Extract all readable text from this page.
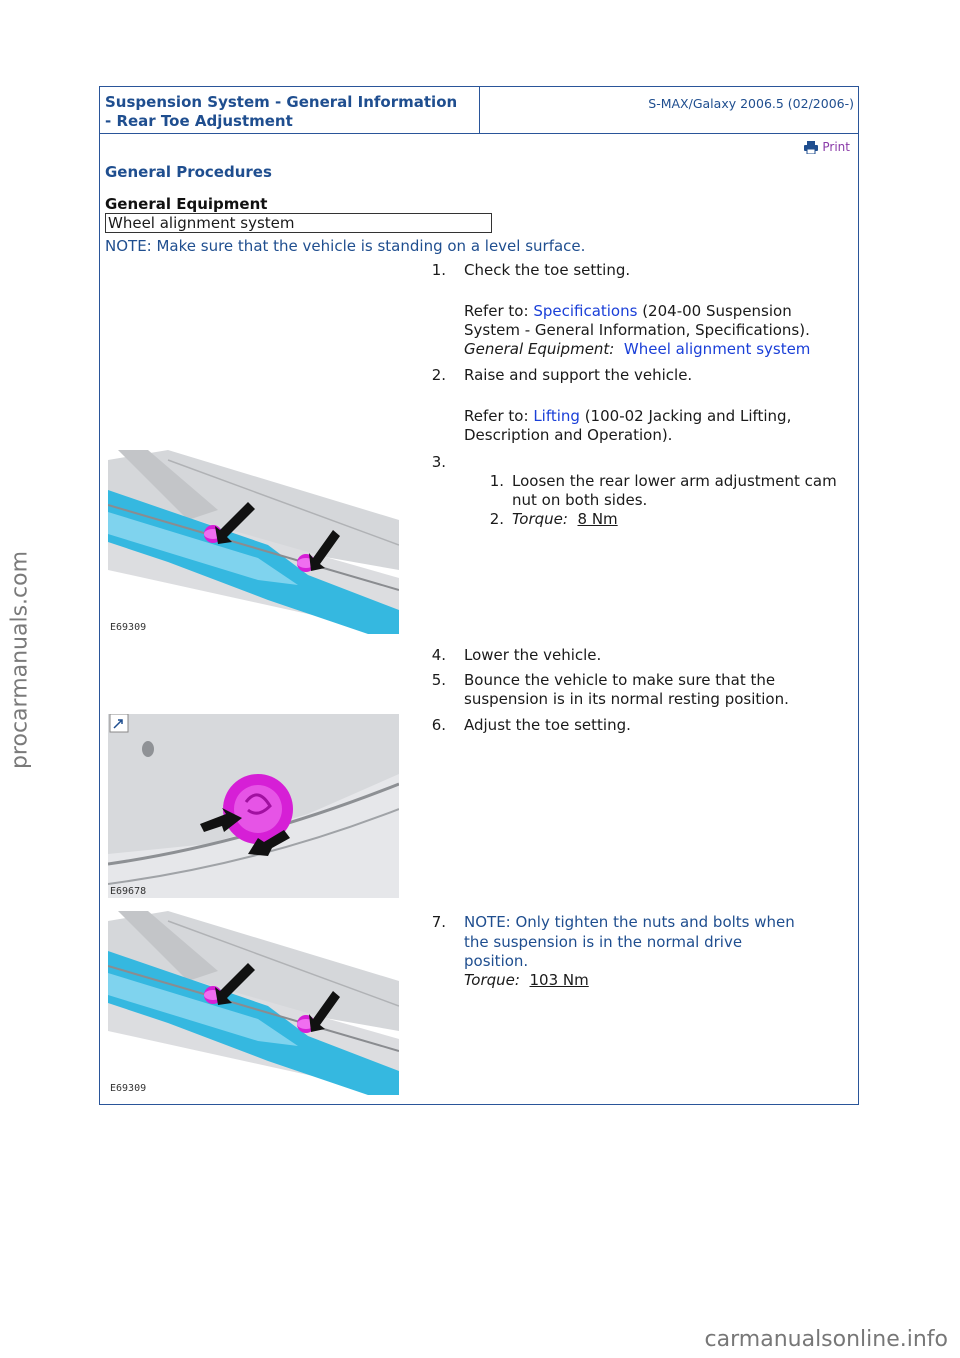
Suspension System - General Information
- Rear Toe Adjustment
S-MAX/Galaxy 2006.5 (02/2006-)
Print
General Procedures
General Equipment
Wheel alignment system
NOTE: Make sure that the vehicle is standing on a level surface.
1. Check the toe setting.
Refer to: Specifications (204-00 Suspension
System - General Information, Specifications).
General Equipment: Wheel alignment system
2. Raise and support the vehicle.
Refer to: Lifting (100-02 Jacking and Lifting,
Description and Operation).
3.
1. Loosen the rear lower arm adjustment cam
nut on both sides.
2. Torque: 8 Nm
E69309
4. Lower the vehicle.
5. Bounce the vehicle to make sure that the
suspension is in its normal resting position.
6. Adjust the toe setting.
E69678
7. NOTE: Only tighten the nuts and bolts when
the suspension is in the normal drive
position.
Torque: 103 Nm
E69309
procarmanuals.com
carmanualsonline.info
